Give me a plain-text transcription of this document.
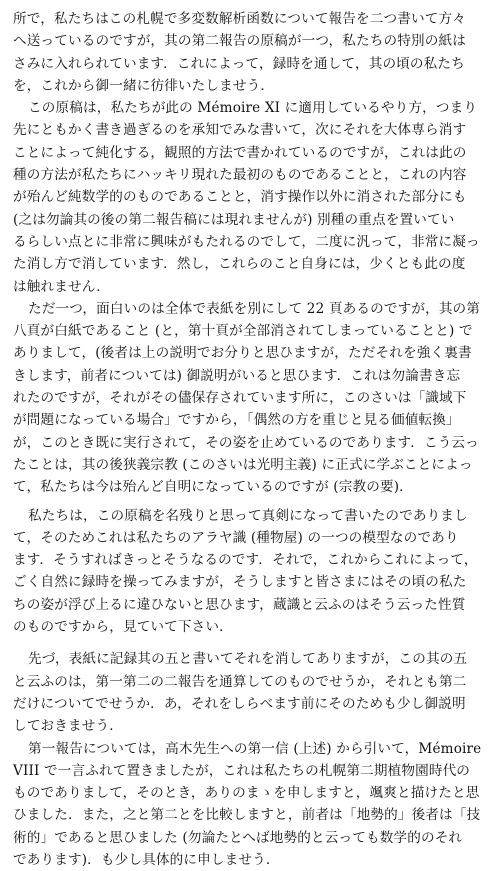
所で，私たちはこの札幌で多変数解析函数について報告を二つ書いて方々
へ送っているのですが，其の第二報告の原稿が一つ，私たちの特別の紙は
さみに入れられています．これによって，録時を通して，其の頃の私たち
を，これから御一緒に彷徘いたしませう．
この原稿は，私たちが此の Mémoire XI に適用しているやり方，つまり
先にともかく書き過ぎるのを承知でみな書いて，次にそれを大体専ら消す
ことによって純化する，観照的方法で書かれているのですが，これは此の
種の方法が私たちにハッキリ現れた最初のものであることと，これの内容
が殆んど純数学的のものであることと，消す操作以外に消された部分にも
(之は勿論其の後の第二報告稿には現れませんが) 別種の重点を置いてい
るらしい点とに非常に興味がもたれるのでして，二度に汎って，非常に凝っ
た消し方で消しています．然し，これらのこと自身には，少くとも此の度
は触れません．
ただ一つ，面白いのは全体で表紙を別にして 22 頁あるのですが，其の第
八頁が白紙であること (と，第十頁が全部消されてしまっていることと) で
ありまして，(後者は上の説明でお分りと思ひますが，ただそれを強く裏書
きします，前者については) 御説明がいると思ひます．これは勿論書き忘
れたのですが，それがその儘保存されています所に，このさいは「識域下
が問題になっている場合」ですから，「偶然の方を重じと見る価値転換」
が，このとき既に実行されて，その姿を止めているのであります．こう云っ
たことは，其の後狭義宗教 (このさいは光明主義) に正式に学ぶことによっ
て，私たちは今は殆んど自明になっているのですが (宗教の要)．
私たちは，この原稿を名残りと思って真剣になって書いたのでありまし
て，そのためこれは私たちのアラヤ識 (種物屋) の一つの模型なのであり
ます．そうすればきっとそうなるのです．それで，これからこれによって，
ごく自然に録時を操ってみますが，そうしますと皆さまにはその頃の私た
ちの姿が浮び上るに違ひないと思ひます，蔵識と云ふのはそう云った性質
のものですから，見ていて下さい．
先づ，表紙に記録其の五と書いてそれを消してありますが，この其の五
と云ふのは，第一第二の二報告を通算してのものでせうか，それとも第二
だけについてでせうか．あ，それをしらべます前にそのためも少し御説明
しておきませう．
第一報告については，高木先生への第一信 (上述) から引いて，Mémoire
VIII で一言ふれて置きましたが，これは私たちの札幌第二期植物園時代の
ものでありまして，そのとき，ありのまゝを申しますと，颯爽と描けたと思
ひました．また，之と第二とを比較しますと，前者は「地勢的」後者は「技
術的」であると思ひました (勿論たとへば地勢的と云っても数学的のそれ
であります)．も少し具体的に申しませう．
